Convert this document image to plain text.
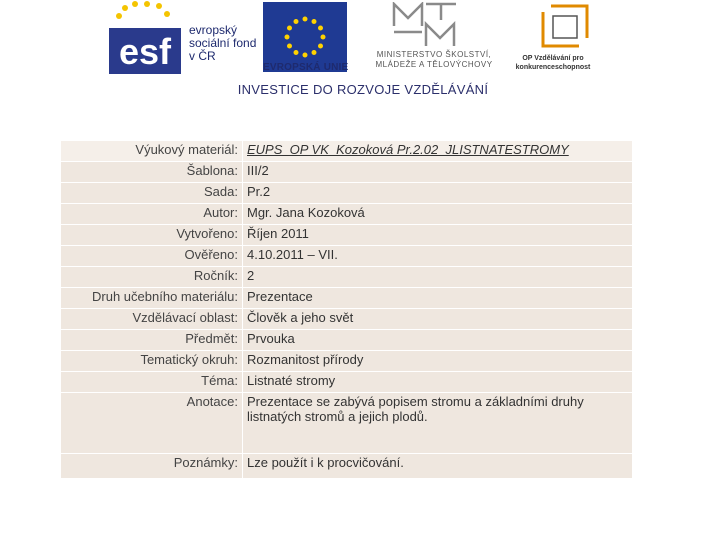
esf
evropský sociální fond v ČR
EVROPSKÁ UNIE
MINISTERSTVO ŠKOLSTVÍ, MLÁDEŽE A TĚLOVÝCHOVY
OP Vzdělávání pro konkurenceschopnost
INVESTICE DO ROZVOJE VZDĚLÁVÁNÍ
Výukový materiál:	EUPS_OP VK_Kozoková Pr.2.02_JLISTNATESTROMY
Šablona:	III/2
Sada:	Pr.2
Autor:	Mgr. Jana Kozoková
Vytvořeno:	Říjen 2011
Ověřeno:	4.10.2011 – VII.
Ročník:	2
Druh učebního materiálu:	Prezentace
Vzdělávací oblast:	Člověk a jeho svět
Předmět:	Prvouka
Tematický okruh:	Rozmanitost přírody
Téma:	Listnaté stromy
Anotace:	Prezentace se zabývá popisem stromu a základními druhy listnatých stromů a jejich plodů.
Poznámky:	Lze použít i k procvičování.
